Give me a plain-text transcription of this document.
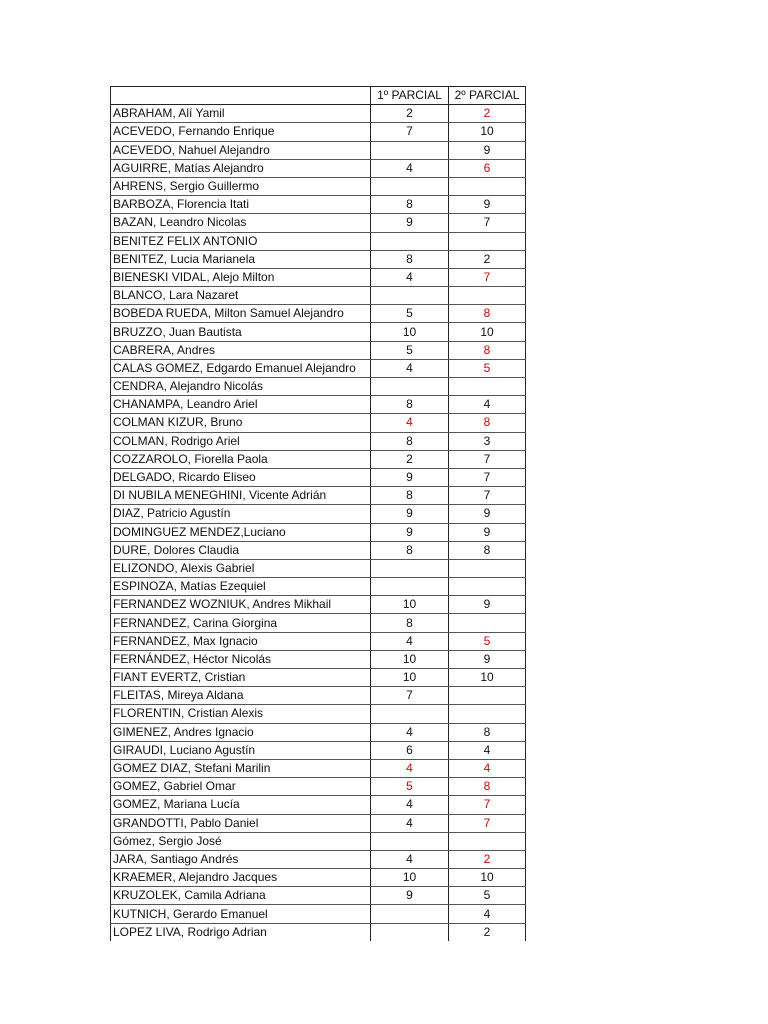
	1º PARCIAL	2º PARCIAL
ABRAHAM, Alí Yamil	2	2
ACEVEDO, Fernando Enrique	7	10
ACEVEDO, Nahuel Alejandro		9
AGUIRRE, Matías Alejandro	4	6
AHRENS, Sergio Guillermo		
BARBOZA, Florencia Itati	8	9
BAZAN, Leandro Nicolas	9	7
BENITEZ FELIX ANTONIO		
BENITEZ, Lucia Marianela	8	2
BIENESKI VIDAL, Alejo Milton	4	7
BLANCO, Lara Nazaret		
BOBEDA RUEDA, Milton Samuel Alejandro	5	8
BRUZZO, Juan Bautista	10	10
CABRERA, Andres	5	8
CALAS GOMEZ, Edgardo Emanuel Alejandro	4	5
CENDRA, Alejandro Nicolás		
CHANAMPA, Leandro Ariel	8	4
COLMAN KIZUR, Bruno	4	8
COLMAN, Rodrigo Ariel	8	3
COZZAROLO, Fiorella Paola	2	7
DELGADO, Ricardo Eliseo	9	7
DI NUBILA MENEGHINI, Vicente Adrián	8	7
DIAZ, Patricio Agustín	9	9
DOMINGUEZ MENDEZ,Luciano	9	9
DURE, Dolores Claudia	8	8
ELIZONDO, Alexis Gabriel		
ESPINOZA, Matías Ezequiel		
FERNANDEZ WOZNIUK, Andres Mikhail	10	9
FERNANDEZ, Carina Giorgina	8	
FERNANDEZ, Max Ignacio	4	5
FERNÁNDEZ, Héctor Nicolás	10	9
FIANT EVERTZ, Cristian	10	10
FLEITAS, Mireya Aldana	7	
FLORENTIN, Cristian Alexis		
GIMENEZ, Andres Ignacio	4	8
GIRAUDI, Luciano Agustín	6	4
GOMEZ DIAZ, Stefani Marilin	4	4
GOMEZ, Gabriel Omar	5	8
GOMEZ, Mariana Lucía	4	7
GRANDOTTI, Pablo Daniel	4	7
Gómez, Sergio José		
JARA, Santiago Andrés	4	2
KRAEMER, Alejandro Jacques	10	10
KRUZOLEK, Camila Adriana	9	5
KUTNICH, Gerardo Emanuel		4
LOPEZ LIVA, Rodrigo Adrian		2
